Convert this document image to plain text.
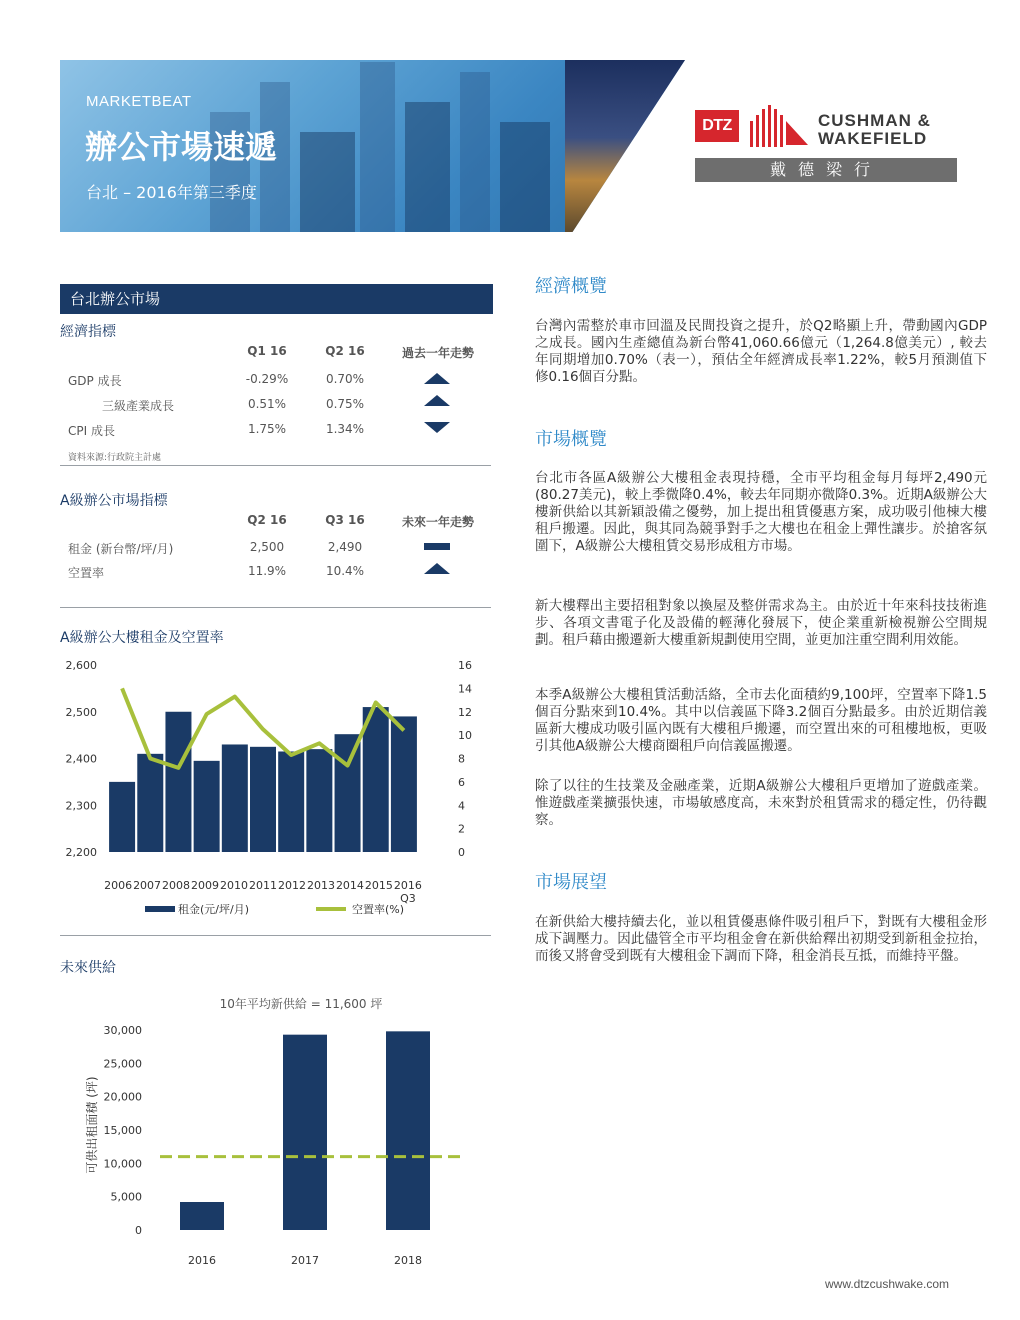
MARKETBEAT
辦公市場速遞
台北 – 2016年第三季度
DTZ	CUSHMAN &
WAKEFIELD
戴德梁行
台北辦公市場
經濟指標
Q1 16	Q2 16	過去一年走勢
GDP 成長	-0.29%	0.70%
三級產業成長	0.51%	0.75%
CPI 成長	1.75%	1.34%
資料來源:行政院主計處
A級辦公市場指標
Q2 16	Q3 16	未來一年走勢
租金 (新台幣/坪/月)	2,500	2,490
空置率	11.9%	10.4%
A級辦公大樓租金及空置率
2,200
2,300
2,400
2,500
2,600
0
2
4
6
8
10
12
14
16
2006 2007 2008 2009 2010 2011 2012 2013 2014 2015 2016
Q3
租金(元/坪/月)	空置率(%)
未來供給
0
5,000
10,000
15,000
20,000
25,000
30,000
2016	2017	2018
10年平均新供給 = 11,600 坪
可供出租面積 (坪)
經濟概覽
台灣內需整於車市回溫及民間投資之提升，於Q2略顯上升，帶動國內GDP之成長。國內生產總值為新台幣41,060.66億元（1,264.8億美元）, 較去年同期增加0.70%（表一），預估全年經濟成長率1.22%，較5月預測值下修0.16個百分點。
市場概覽
台北市各區A級辦公大樓租金表現持穩，全市平均租金每月每坪2,490元(80.27美元)，較上季微降0.4%，較去年同期亦微降0.3%。近期A級辦公大樓新供給以其新穎設備之優勢，加上提出租賃優惠方案，成功吸引他棟大樓租戶搬遷。因此，與其同為競爭對手之大樓也在租金上彈性讓步。於搶客氛圍下，A級辦公大樓租賃交易形成租方市場。
新大樓釋出主要招租對象以換屋及整併需求為主。由於近十年來科技技術進步、各項文書電子化及設備的輕薄化發展下，使企業重新檢視辦公空間規劃。租戶藉由搬遷新大樓重新規劃使用空間，並更加注重空間利用效能。
本季A級辦公大樓租賃活動活絡，全市去化面積約9,100坪，空置率下降1.5個百分點來到10.4%。其中以信義區下降3.2個百分點最多。由於近期信義區新大樓成功吸引區內既有大樓租戶搬遷，而空置出來的可租樓地板，更吸引其他A級辦公大樓商圈租戶向信義區搬遷。
除了以往的生技業及金融產業，近期A級辦公大樓租戶更增加了遊戲產業。惟遊戲產業擴張快速，市場敏感度高，未來對於租賃需求的穩定性，仍待觀察。
市場展望
在新供給大樓持續去化，並以租賃優惠條件吸引租戶下，對既有大樓租金形成下調壓力。因此儘管全市平均租金會在新供給釋出初期受到新租金拉抬，而後又將會受到既有大樓租金下調而下降，租金消長互抵，而維持平盤。
www.dtzcushwake.com
